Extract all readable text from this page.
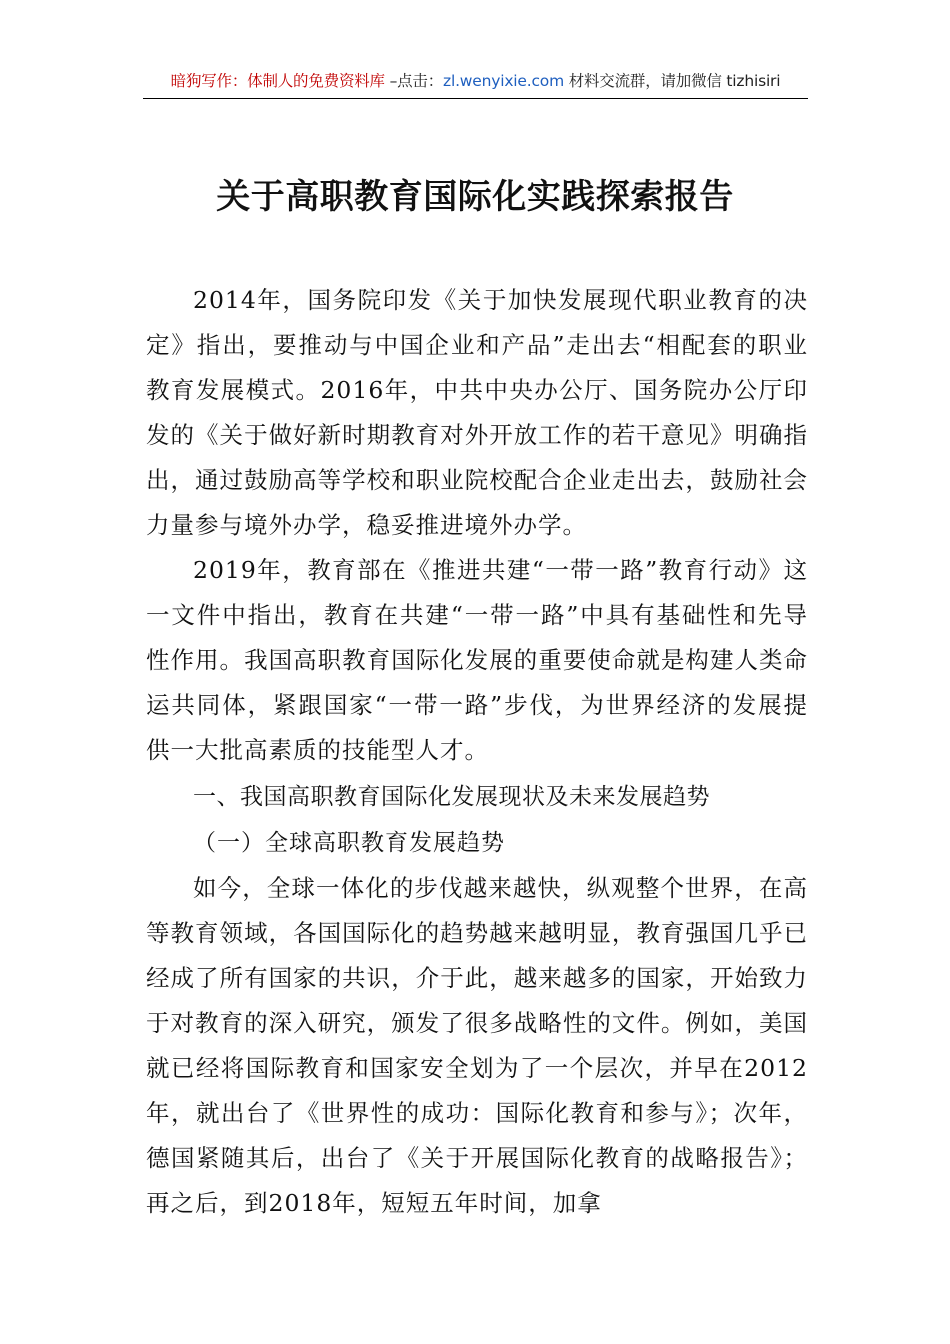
暗狗写作：体制人的免费资料库 –点击：zl.wenyixie.com 材料交流群，请加微信 tizhisiri
关于高职教育国际化实践探索报告

2014年，国务院印发《关于加快发展现代职业教育的决定》指出，要推动与中国企业和产品”走出去“相配套的职业教育发展模式。2016年，中共中央办公厅、国务院办公厅印发的《关于做好新时期教育对外开放工作的若干意见》明确指出，通过鼓励高等学校和职业院校配合企业走出去，鼓励社会力量参与境外办学，稳妥推进境外办学。

2019年，教育部在《推进共建“一带一路”教育行动》这一文件中指出，教育在共建“一带一路”中具有基础性和先导性作用。我国高职教育国际化发展的重要使命就是构建人类命运共同体，紧跟国家“一带一路”步伐，为世界经济的发展提供一大批高素质的技能型人才。

一、我国高职教育国际化发展现状及未来发展趋势

（一）全球高职教育发展趋势

如今，全球一体化的步伐越来越快，纵观整个世界，在高等教育领域，各国国际化的趋势越来越明显，教育强国几乎已经成了所有国家的共识，介于此，越来越多的国家，开始致力于对教育的深入研究，颁发了很多战略性的文件。例如，美国就已经将国际教育和国家安全划为了一个层次，并早在2012年，就出台了《世界性的成功：国际化教育和参与》；次年，德国紧随其后，出台了《关于开展国际化教育的战略报告》；再之后，到2018年，短短五年时间，加拿
